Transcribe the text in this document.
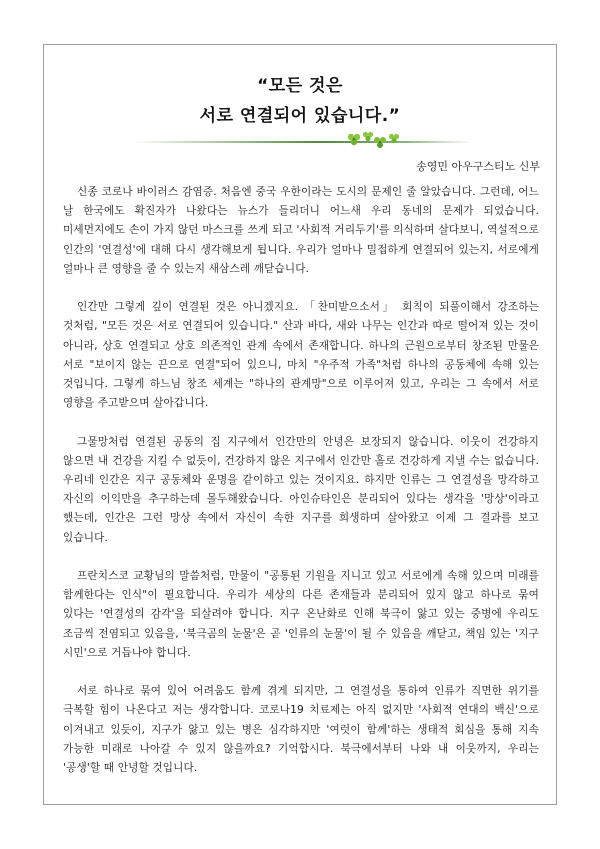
“모든 것은
서로 연결되어 있습니다.”
송영민 아우구스티노 신부

신종 코로나 바이러스 감염증. 처음엔 중국 우한이라는 도시의 문제인 줄 알았습니다. 그런데, 어느 날 한국에도 확진자가 나왔다는 뉴스가 들리더니 어느새 우리 동네의 문제가 되었습니다. 미세먼지에도 손이 가지 않던 마스크를 쓰게 되고 '사회적 거리두기'를 의식하며 살다보니, 역설적으로 인간의 '연결성'에 대해 다시 생각해보게 됩니다. 우리가 얼마나 밀접하게 연결되어 있는지, 서로에게 얼마나 큰 영향을 줄 수 있는지 새삼스레 깨닫습니다.

인간만 그렇게 깊이 연결된 것은 아니겠지요. 「찬미받으소서」 회칙이 되풀이해서 강조하는 것처럼, "모든 것은 서로 연결되어 있습니다." 산과 바다, 새와 나무는 인간과 따로 떨어져 있는 것이 아니라, 상호 연결되고 상호 의존적인 관계 속에서 존재합니다. 하나의 근원으로부터 창조된 만물은 서로 "보이지 않는 끈으로 연결"되어 있으니, 마치 "우주적 가족"처럼 하나의 공동체에 속해 있는 것입니다. 그렇게 하느님 창조 세계는 "하나의 관계망"으로 이루어져 있고, 우리는 그 속에서 서로 영향을 주고받으며 살아갑니다.

그물망처럼 연결된 공동의 집 지구에서 인간만의 안녕은 보장되지 않습니다. 이웃이 건강하지 않으면 내 건강을 지킬 수 없듯이, 건강하지 않은 지구에서 인간만 홀로 건강하게 지낼 수는 없습니다. 우리네 인간은 지구 공동체와 운명을 같이하고 있는 것이지요. 하지만 인류는 그 연결성을 망각하고 자신의 이익만을 추구하는데 몰두해왔습니다. 아인슈타인은 분리되어 있다는 생각을 '망상'이라고 했는데, 인간은 그런 망상 속에서 자신이 속한 지구를 희생하며 살아왔고 이제 그 결과를 보고 있습니다.

프란치스코 교황님의 말씀처럼, 만물이 "공통된 기원을 지니고 있고 서로에게 속해 있으며 미래를 함께한다는 인식"이 필요합니다. 우리가 세상의 다른 존재들과 분리되어 있지 않고 하나로 묶여 있다는 '연결성의 감각'을 되살려야 합니다. 지구 온난화로 인해 북극이 앓고 있는 중병에 우리도 조금씩 전염되고 있음을, '북극곰의 눈물'은 곧 '인류의 눈물'이 될 수 있음을 깨닫고, 책임 있는 '지구 시민'으로 거듭나야 합니다.

서로 하나로 묶여 있어 어려움도 함께 겪게 되지만, 그 연결성을 통하여 인류가 직면한 위기를 극복할 힘이 나온다고 저는 생각합니다. 코로나19 치료제는 아직 없지만 '사회적 연대의 백신'으로 이겨내고 있듯이, 지구가 앓고 있는 병은 심각하지만 '여럿이 함께'하는 생태적 회심을 통해 지속 가능한 미래로 나아갈 수 있지 않을까요? 기억합시다. 북극에서부터 나와 내 이웃까지, 우리는 '공생'할 때 안녕할 것입니다.
